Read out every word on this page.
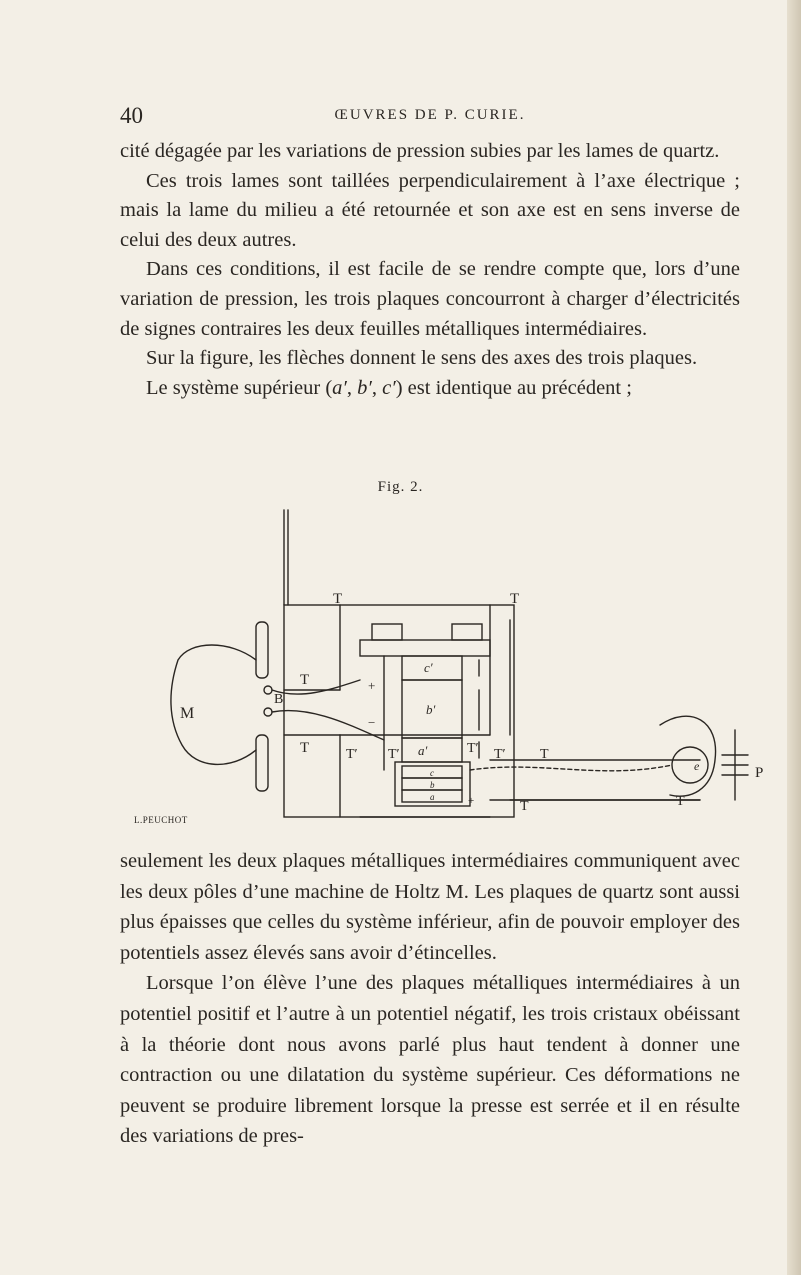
40	ŒUVRES DE P. CURIE.

cité dégagée par les variations de pression subies par les lames de quartz.

Ces trois lames sont taillées perpendiculairement à l’axe électrique ; mais la lame du milieu a été retournée et son axe est en sens inverse de celui des deux autres.

Dans ces conditions, il est facile de se rendre compte que, lors d’une variation de pression, les trois plaques concourront à charger d’électricités de signes contraires les deux feuilles métalliques intermédiaires.

Sur la figure, les flèches donnent le sens des axes des trois plaques.

Le système supérieur (a′, b′, c′) est identique au précédent ;

Fig. 2.
T	T
T
T	T′ T′	T′ T′ T
T	T
M
B
P
e
c′
b′
a′
c
b
a
+
−
+
L.PEUCHOT

seulement les deux plaques métalliques intermédiaires communiquent avec les deux pôles d’une machine de Holtz M. Les plaques de quartz sont aussi plus épaisses que celles du système inférieur, afin de pouvoir employer des potentiels assez élevés sans avoir d’étincelles.

Lorsque l’on élève l’une des plaques métalliques intermédiaires à un potentiel positif et l’autre à un potentiel négatif, les trois cristaux obéissant à la théorie dont nous avons parlé plus haut tendent à donner une contraction ou une dilatation du système supérieur. Ces déformations ne peuvent se produire librement lorsque la presse est serrée et il en résulte des variations de pres-
